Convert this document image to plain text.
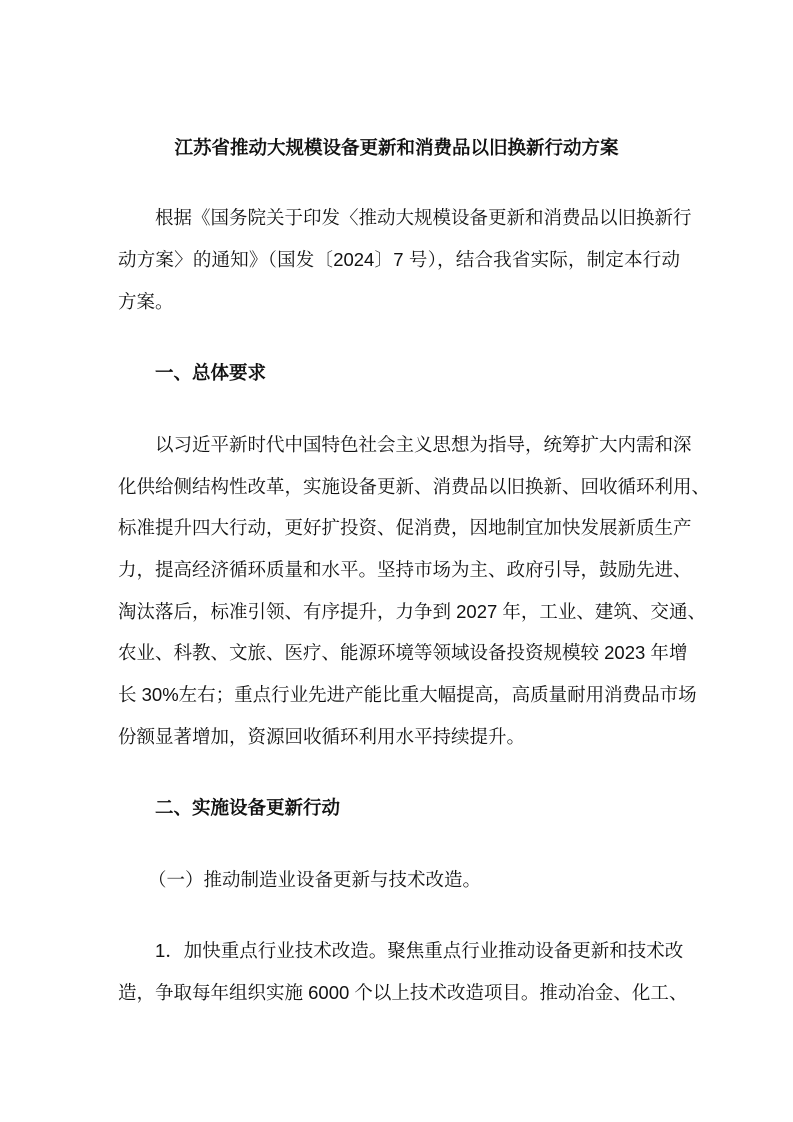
江苏省推动大规模设备更新和消费品以旧换新行动方案
根据《国务院关于印发〈推动大规模设备更新和消费品以旧换新行
动方案〉的通知》（国发〔2024〕7 号），结合我省实际，制定本行动
方案。
一、总体要求
以习近平新时代中国特色社会主义思想为指导，统筹扩大内需和深
化供给侧结构性改革，实施设备更新、消费品以旧换新、回收循环利用、
标准提升四大行动，更好扩投资、促消费，因地制宜加快发展新质生产
力，提高经济循环质量和水平。坚持市场为主、政府引导，鼓励先进、
淘汰落后，标准引领、有序提升，力争到 2027 年，工业、建筑、交通、
农业、科教、文旅、医疗、能源环境等领域设备投资规模较 2023 年增
长 30%左右；重点行业先进产能比重大幅提高，高质量耐用消费品市场
份额显著增加，资源回收循环利用水平持续提升。
二、实施设备更新行动
（一）推动制造业设备更新与技术改造。
1．加快重点行业技术改造。聚焦重点行业推动设备更新和技术改
造，争取每年组织实施 6000 个以上技术改造项目。推动冶金、化工、
